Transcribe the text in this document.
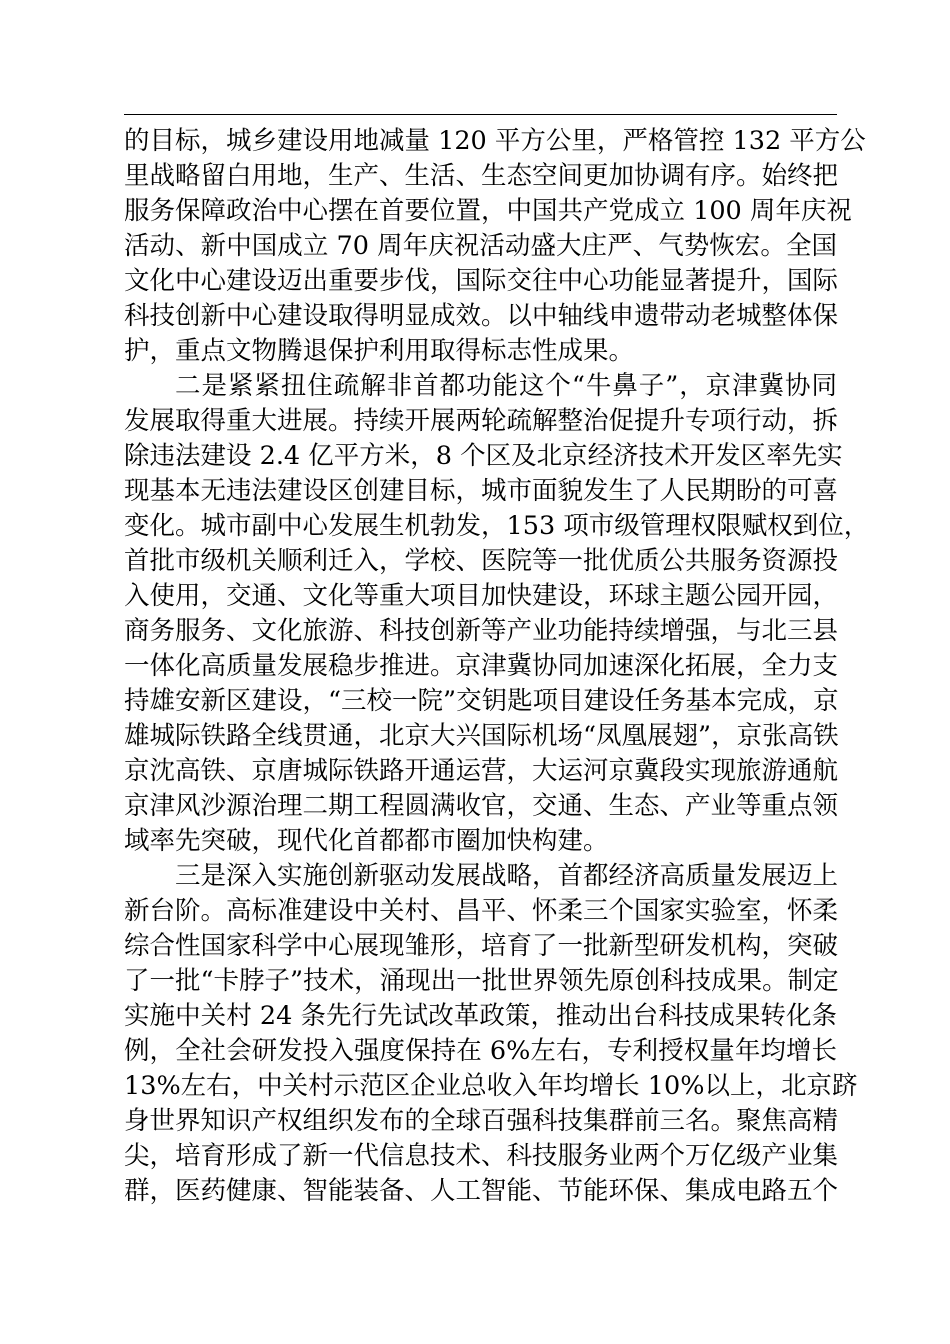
的目标，城乡建设用地减量 120 平方公里，严格管控 132 平方公
里战略留白用地，生产、生活、生态空间更加协调有序。始终把
服务保障政治中心摆在首要位置，中国共产党成立 100 周年庆祝
活动、新中国成立 70 周年庆祝活动盛大庄严、气势恢宏。全国
文化中心建设迈出重要步伐，国际交往中心功能显著提升，国际
科技创新中心建设取得明显成效。以中轴线申遗带动老城整体保
护，重点文物腾退保护利用取得标志性成果。
二是紧紧扭住疏解非首都功能这个“牛鼻子”，京津冀协同
发展取得重大进展。持续开展两轮疏解整治促提升专项行动，拆
除违法建设 2.4 亿平方米，8 个区及北京经济技术开发区率先实
现基本无违法建设区创建目标，城市面貌发生了人民期盼的可喜
变化。城市副中心发展生机勃发，153 项市级管理权限赋权到位，
首批市级机关顺利迁入，学校、医院等一批优质公共服务资源投
入使用，交通、文化等重大项目加快建设，环球主题公园开园，
商务服务、文化旅游、科技创新等产业功能持续增强，与北三县
一体化高质量发展稳步推进。京津冀协同加速深化拓展，全力支
持雄安新区建设，“三校一院”交钥匙项目建设任务基本完成，京
雄城际铁路全线贯通，北京大兴国际机场“凤凰展翅”，京张高铁
京沈高铁、京唐城际铁路开通运营，大运河京冀段实现旅游通航
京津风沙源治理二期工程圆满收官，交通、生态、产业等重点领
域率先突破，现代化首都都市圈加快构建。
三是深入实施创新驱动发展战略，首都经济高质量发展迈上
新台阶。高标准建设中关村、昌平、怀柔三个国家实验室，怀柔
综合性国家科学中心展现雏形，培育了一批新型研发机构，突破
了一批“卡脖子”技术，涌现出一批世界领先原创科技成果。制定
实施中关村 24 条先行先试改革政策，推动出台科技成果转化条
例，全社会研发投入强度保持在 6%左右，专利授权量年均增长
13%左右，中关村示范区企业总收入年均增长 10%以上，北京跻
身世界知识产权组织发布的全球百强科技集群前三名。聚焦高精
尖，培育形成了新一代信息技术、科技服务业两个万亿级产业集
群，医药健康、智能装备、人工智能、节能环保、集成电路五个
